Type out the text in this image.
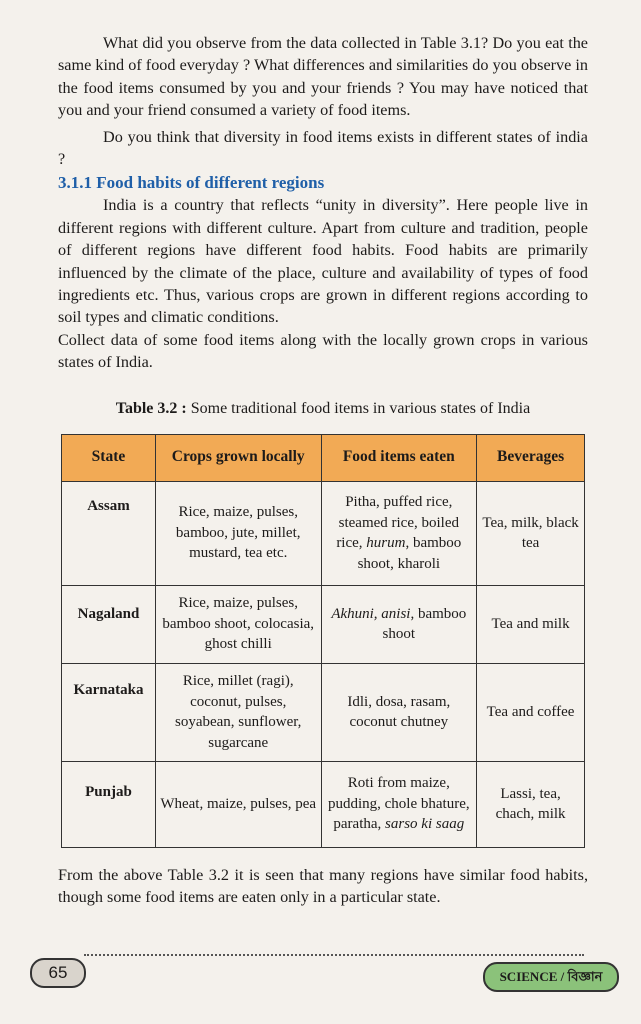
What did you observe from the data collected in Table 3.1? Do you eat the same kind of food everyday ? What differences and similarities do you observe in the food items consumed by you and your friends ? You may have noticed that you and your friend consumed a variety of food items.

Do you think that diversity in food items exists in different states of india ?

3.1.1 Food habits of different regions

India is a country that reflects “unity in diversity”. Here people live in different regions with different culture. Apart from culture and tradition, people of different regions have different food habits. Food habits are primarily influenced by the climate of the place, culture and availability of types of food ingredients etc. Thus, various crops are grown in different regions according to soil types and climatic conditions.

Collect data of some food items along with the locally grown crops in various states of India.

Table 3.2 : Some traditional food items in various states of India
State	Crops grown locally	Food items eaten	Beverages
Assam	Rice, maize, pulses, bamboo, jute, millet, mustard, tea etc.	Pitha, puffed rice, steamed rice, boiled rice, hurum, bamboo shoot, kharoli	Tea, milk, black tea
Nagaland	Rice, maize, pulses, bamboo shoot, colocasia, ghost chilli	Akhuni, anisi, bamboo shoot	Tea and milk
Karnataka	Rice, millet (ragi), coconut, pulses, soyabean, sunflower, sugarcane	Idli, dosa, rasam, coconut chutney	Tea and coffee
Punjab	Wheat, maize, pulses, pea	Roti from maize, pudding, chole bhature, paratha, sarso ki saag	Lassi, tea, chach, milk

From the above Table 3.2 it is seen that many regions have similar food habits, though some food items are eaten only in a particular state.

65	SCIENCE / বিজ্ঞান
